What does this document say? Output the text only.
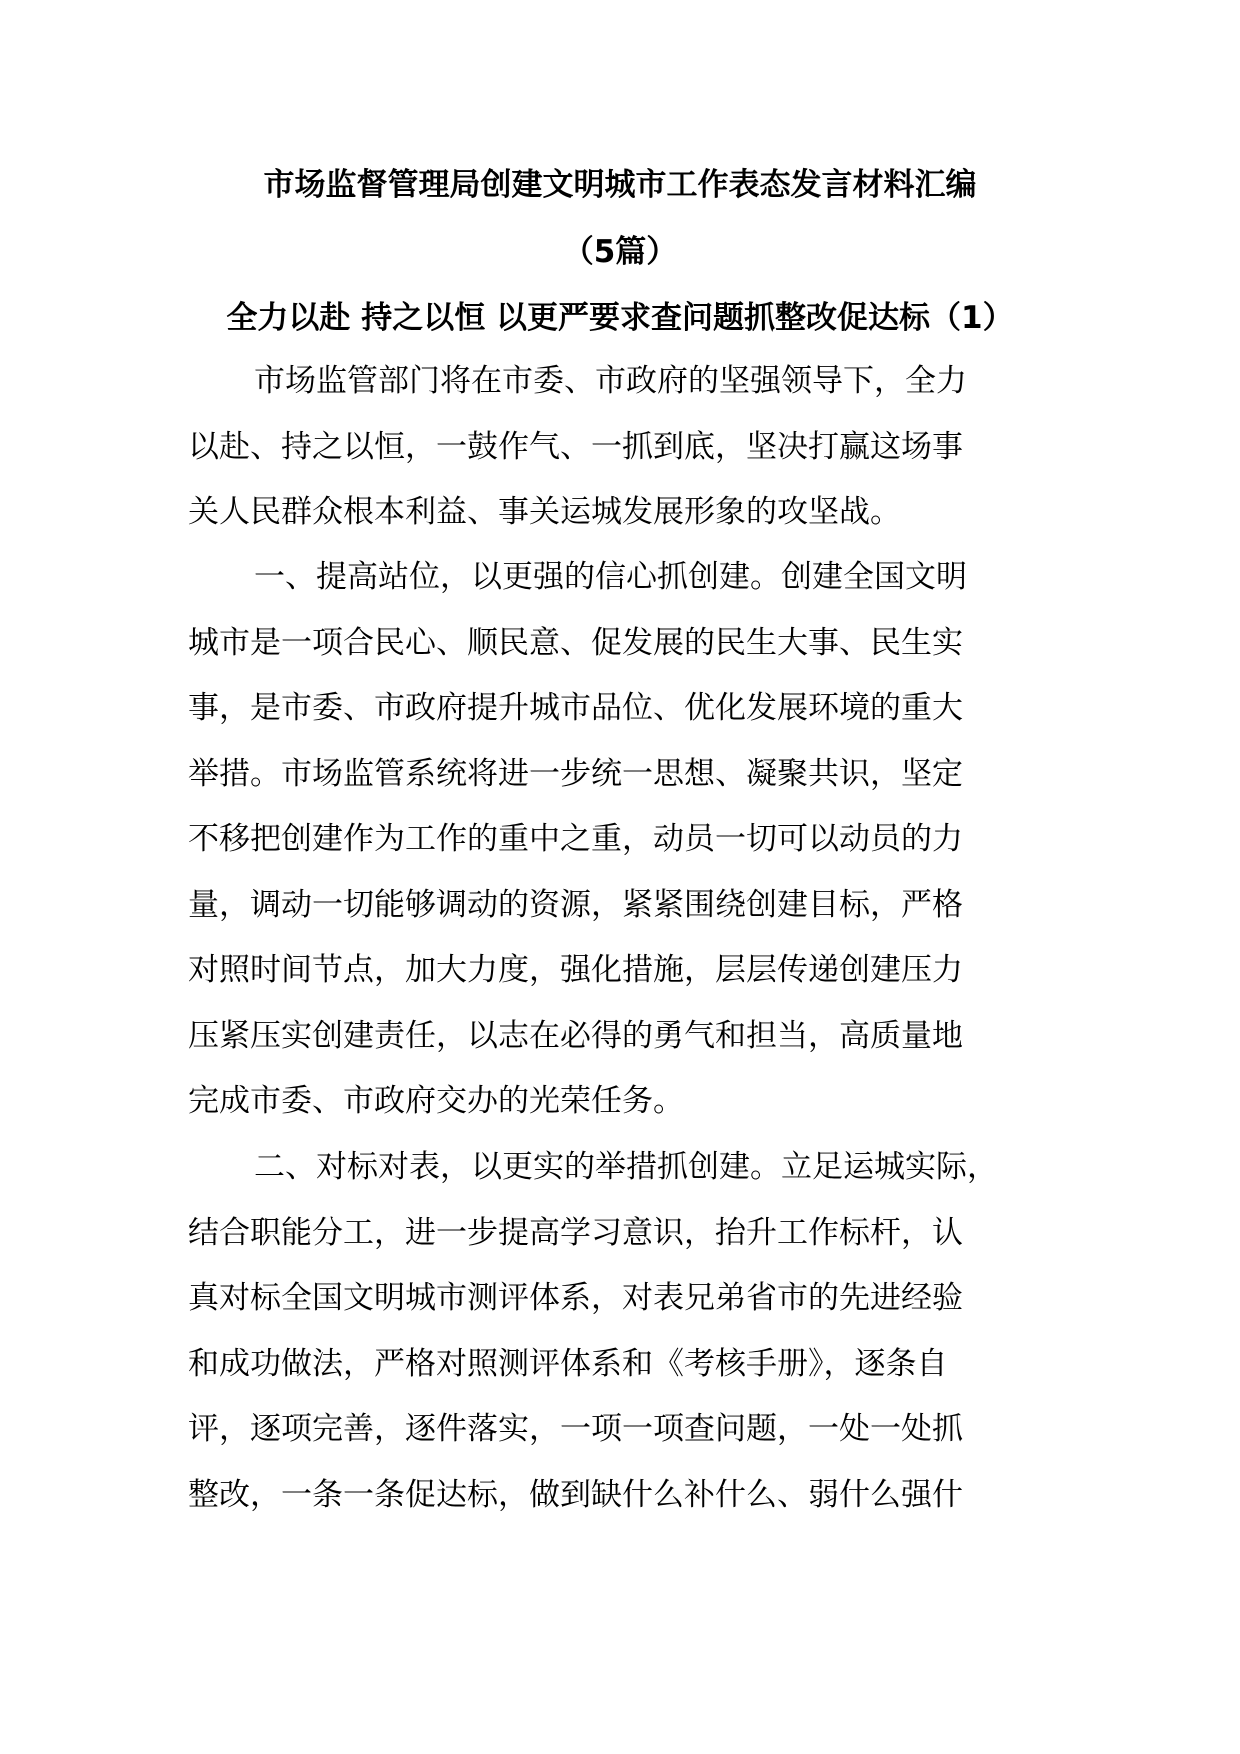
市场监督管理局创建文明城市工作表态发言材料汇编
（5篇）
全力以赴 持之以恒 以更严要求查问题抓整改促达标（1）

市场监管部门将在市委、市政府的坚强领导下，全力
以赴、持之以恒，一鼓作气、一抓到底，坚决打赢这场事
关人民群众根本利益、事关运城发展形象的攻坚战。

一、提高站位，以更强的信心抓创建。创建全国文明
城市是一项合民心、顺民意、促发展的民生大事、民生实
事，是市委、市政府提升城市品位、优化发展环境的重大
举措。市场监管系统将进一步统一思想、凝聚共识，坚定
不移把创建作为工作的重中之重，动员一切可以动员的力
量，调动一切能够调动的资源，紧紧围绕创建目标，严格
对照时间节点，加大力度，强化措施，层层传递创建压力
压紧压实创建责任，以志在必得的勇气和担当，高质量地
完成市委、市政府交办的光荣任务。

二、对标对表，以更实的举措抓创建。立足运城实际，
结合职能分工，进一步提高学习意识，抬升工作标杆，认
真对标全国文明城市测评体系，对表兄弟省市的先进经验
和成功做法，严格对照测评体系和《考核手册》，逐条自
评，逐项完善，逐件落实，一项一项查问题，一处一处抓
整改，一条一条促达标，做到缺什么补什么、弱什么强什
